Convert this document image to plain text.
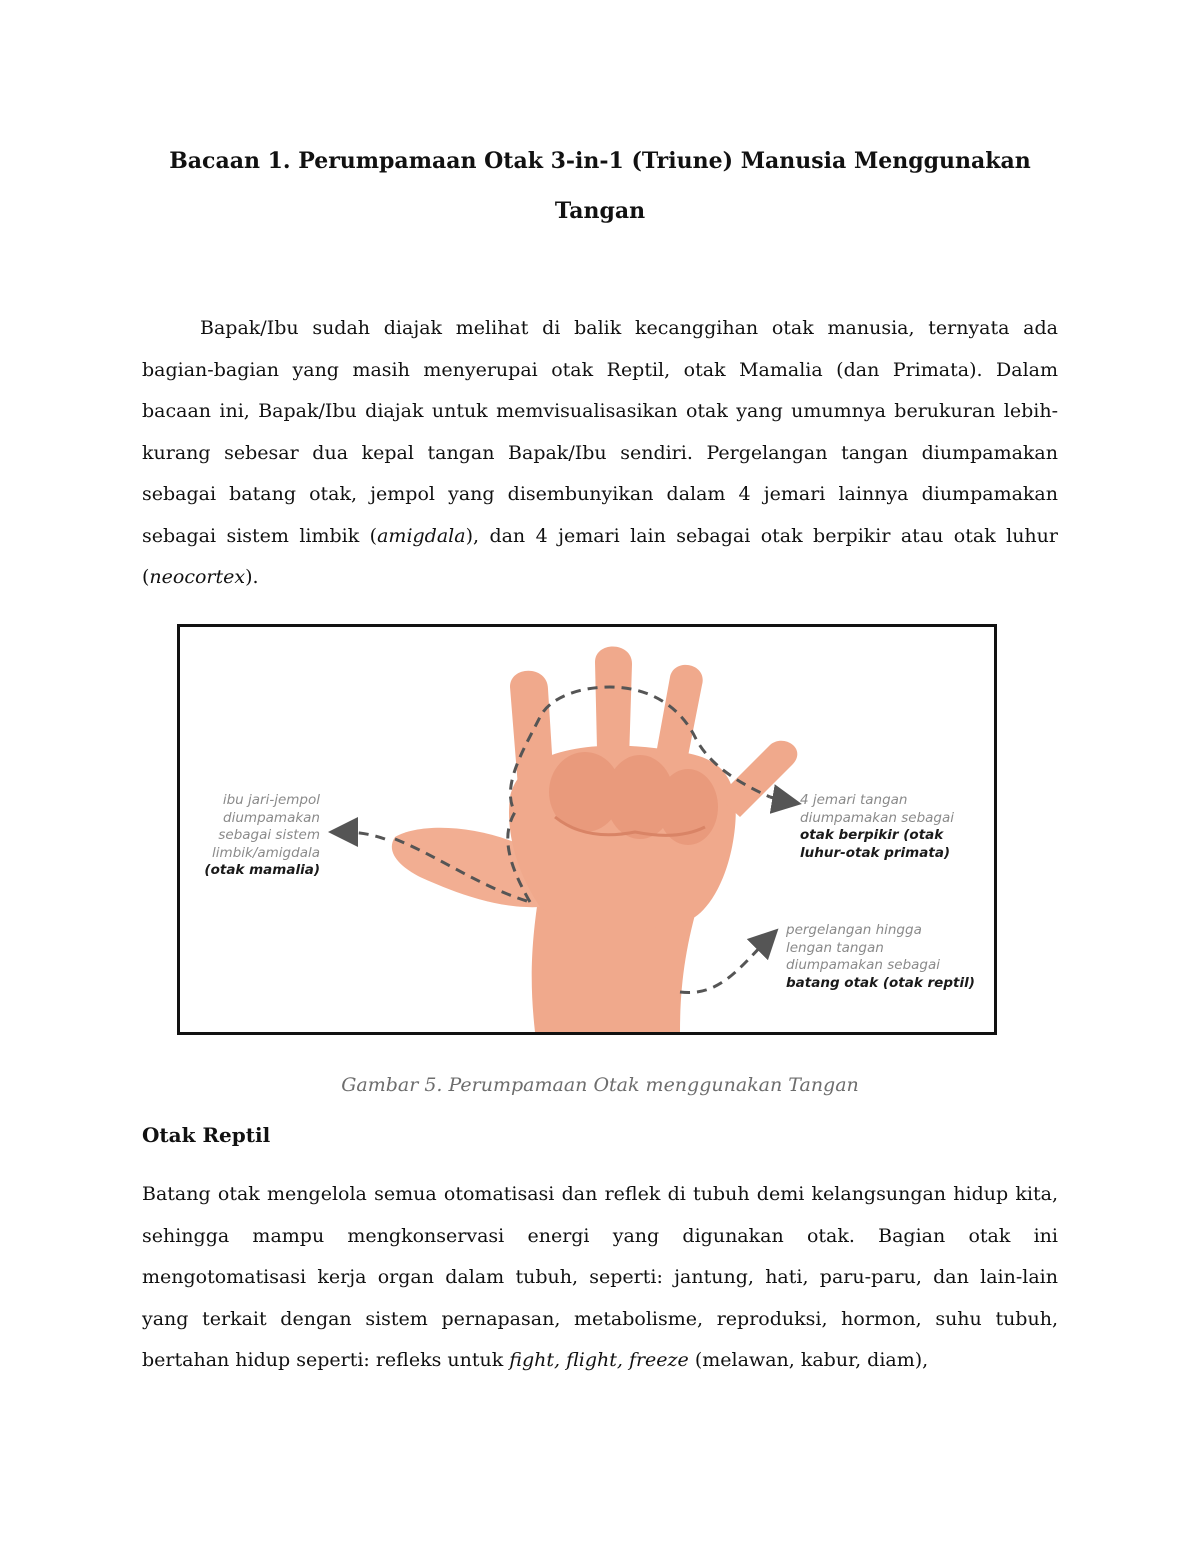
Bacaan 1. Perumpamaan Otak 3-in-1 (Triune) Manusia Menggunakan Tangan

Bapak/Ibu sudah diajak melihat di balik kecanggihan otak manusia, ternyata ada bagian-bagian yang masih menyerupai otak Reptil, otak Mamalia (dan Primata). Dalam bacaan ini, Bapak/Ibu diajak untuk memvisualisasikan otak yang umumnya berukuran lebih-kurang sebesar dua kepal tangan Bapak/Ibu sendiri. Pergelangan tangan diumpamakan sebagai batang otak, jempol yang disembunyikan dalam 4 jemari lainnya diumpamakan sebagai sistem limbik (amigdala), dan 4 jemari lain sebagai otak berpikir atau otak luhur (neocortex).

ibu jari-jempol
diumpamakan
sebagai sistem
limbik/amigdala
(otak mamalia)
4 jemari tangan
diumpamakan sebagai
otak berpikir (otak
luhur-otak primata)
pergelangan hingga
lengan tangan
diumpamakan sebagai
batang otak (otak reptil)
Gambar 5. Perumpamaan Otak menggunakan Tangan
Otak Reptil

Batang otak mengelola semua otomatisasi dan reflek di tubuh demi kelangsungan hidup kita, sehingga mampu mengkonservasi energi yang digunakan otak. Bagian otak ini mengotomatisasi kerja organ dalam tubuh, seperti: jantung, hati, paru-paru, dan lain-lain yang terkait dengan sistem pernapasan, metabolisme, reproduksi, hormon, suhu tubuh, bertahan hidup seperti: refleks untuk fight, flight, freeze (melawan, kabur, diam),
